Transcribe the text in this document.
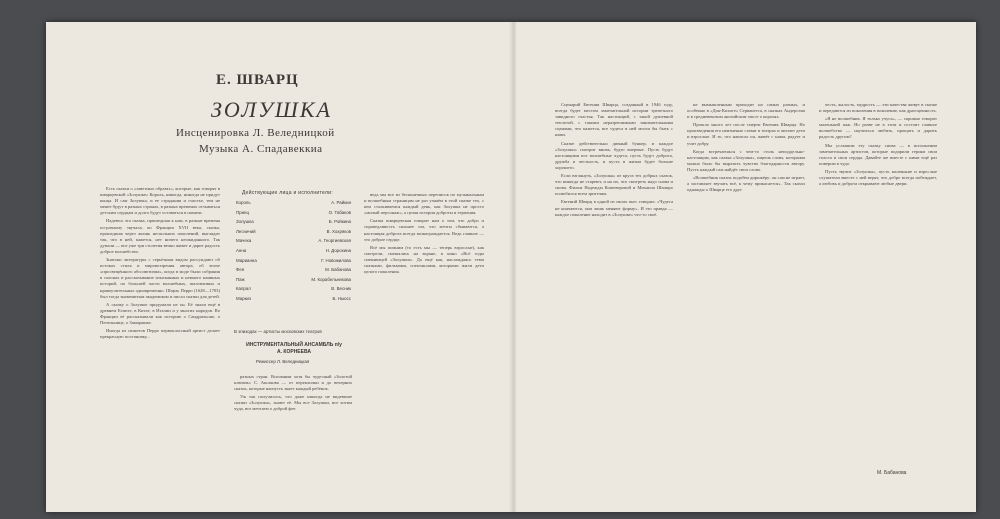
Е. ШВАРЦ
ЗОЛУШКА
Инсценировка Л. Веледницкой
Музыка А. Спадавеккиа

Есть сказки о «заветных образах», которые, как говорят в шварцевской «Золушке» Король, никогда, никогда не придут конца. И сам Золушка, и ее страдания и счастье, тем не менее будут в разных странах, в разных временах отзываться детским сердцам и долго будут оставаться в памяти.

Надеюсь эта сказка, пришедшая к нам, в разные времена по-разному звучала, во Франции XVII века, сказка, прошедшая через жизнь нескольких поколений, выглядит так, что в ней, кажется, нет ничего неожиданного. Так думали — вот уже три столетия вечно живет и дарит радость доброе волшебство.

Знатоки литературы с серьёзным видом рассуждают об истоках стиля и мировоззрения автора, об эпохе «просвещённого абсолютизма», когда в моде были собрания в салонах и рассказывание изысканных и немного наивных историй, по большей части волшебных, шаловливых и нравоучительных одновременно. Шарль Перро (1628—1703) был тогда знаменитым академиком и писал сказки для детей.

А сказку о Золушке придумали не он. Её знали ещё в древнем Египте, в Китае, в Италии и у многих народов. Во Франции её рассказывали как историю о Сандрильоне, о Пепельнице, о Замарашке.

Иногда из сюжетов Перро первоклассный артист делает прекрасную постановку...

Действующие лица и исполнители:
Король	А. Райкин
Принц	О. Табаков
Золушка	Б. Ройкина
Лесничий	В. Хохряков
Мачеха	А. Георгиевская
Анна	Н. Дорохина
Марианна	Г. Новожилова
Фея	М. Бабанова
Паж	М. Корабельникова
Капрал	В. Весник
Маркиз	Б. Ньюсс
В эпизодах — артисты московских театров
ИНСТРУМЕНТАЛЬНЫЙ АНСАМБЛЬ п/у А. КОРНЕЕВА
Режиссер Л. Веледницкая

разных стран. Вспомним хотя бы чудесный «Золотой ключик» С. Аксакова — от переклички и до вечерних сказок, которые наизусть знает каждый ребёнок.

Уж так получилось, что даже никогда не видевшие сказки «Золушка», знают её. Мы все Золушки, все хотим чуда, все мечтаем о доброй фее.

ведь мы все из бесконечных переписок по музыкальным и волшебным страницам не раз узнаём в этой сказке тех, с кем сталкиваемся каждый день, как Золушка не просто «милый персонаж», а целая история доброты и терпения.

Сказка шварцевская говорит нам о том, что добро и справедливость сильнее зла, что мечты сбываются, а настоящая доброта всегда вознаграждается. Ведь главное — это доброе сердце.

Всё мы помним (то есть мы — теперь взрослые), как смотрели, смешались на экране, в кино «Всё годы сменяющей «Золушки». Да ещё как, наслаждаясь теми сказками, фильмами, спектаклями, которыми жили дети целого поколения.

Сценарий Евгения Шварца, созданный в 1946 году, всегда будет местом замечательной истории трепетного завидного счастья. Так настоящий, с такой душевной теплотой, с такими неразрешимыми занимательными сценами, что кажется, все чудеса в ней могли бы быть с нами.

Сказке действительно дивный бункер, и каждое «Золушки» смотрит вновь, будто впервые. Пусть будут настоящими все волшебные чудеса, пусть будут доброта, дружба и честность, и пусть в жизни будет больше хорошего.

Если взглянуть, «Золушка» из круга тех добрых сказок, что никогда не стареют, и на их, что смотреть надо снова и снова. Фильм Надежды Кошеверовой и Михаила Шапиро полюбился всем зрителям.

Евгений Шварц в одной из своих пьес говорил: «Чудеса не кончаются, они лишь меняют форму». И это правда — каждое поколение находит в «Золушке» что-то своё.

не вымышленным приходит на самых разных, и особенно в «Дон-Кихоте» Сервантеса, в сказках Андерсена и в средневековом английском эпосе о королях.

Прошло много лет после смерти Евгения Шварца. Но произведения его неизменно ставят в театрах и читают дети и взрослые. И то, что написал он, живёт с нами, радует и учит добру.

Когда встречаешься с чем-то столь неподдельно-настоящим, как сказка «Золушка», ищешь слова, которыми можно было бы выразить чувство благодарности автору. Пусть каждый сам найдёт свои слова.

«Волшебник сказок подобен дирижёру: он сам не играет, а заставляет звучать всё, к чему прикасается». Так сказал однажды о Шварце его друг.

честь, жалость, мудрость — эти качества живут в сказке и передаются из поколения в поколение, как драгоценность.

«Я не волшебник. Я только учусь», — скромно говорит маленький паж. Но разве не в этом и состоит главное волшебство — научиться любить, прощать и дарить радость другим?

Мы услышим эту сказку снова — в исполнении замечательных артистов, которые подарили героям свои голоса и свои сердца. Давайте же вместе с ними ещё раз поверим в чудо.

Пусть звучит «Золушка», пусть маленькие и взрослые слушатели вместе с ней верят, что добро всегда побеждает, а любовь и доброта открывают любые двери.

М. Бабанова
